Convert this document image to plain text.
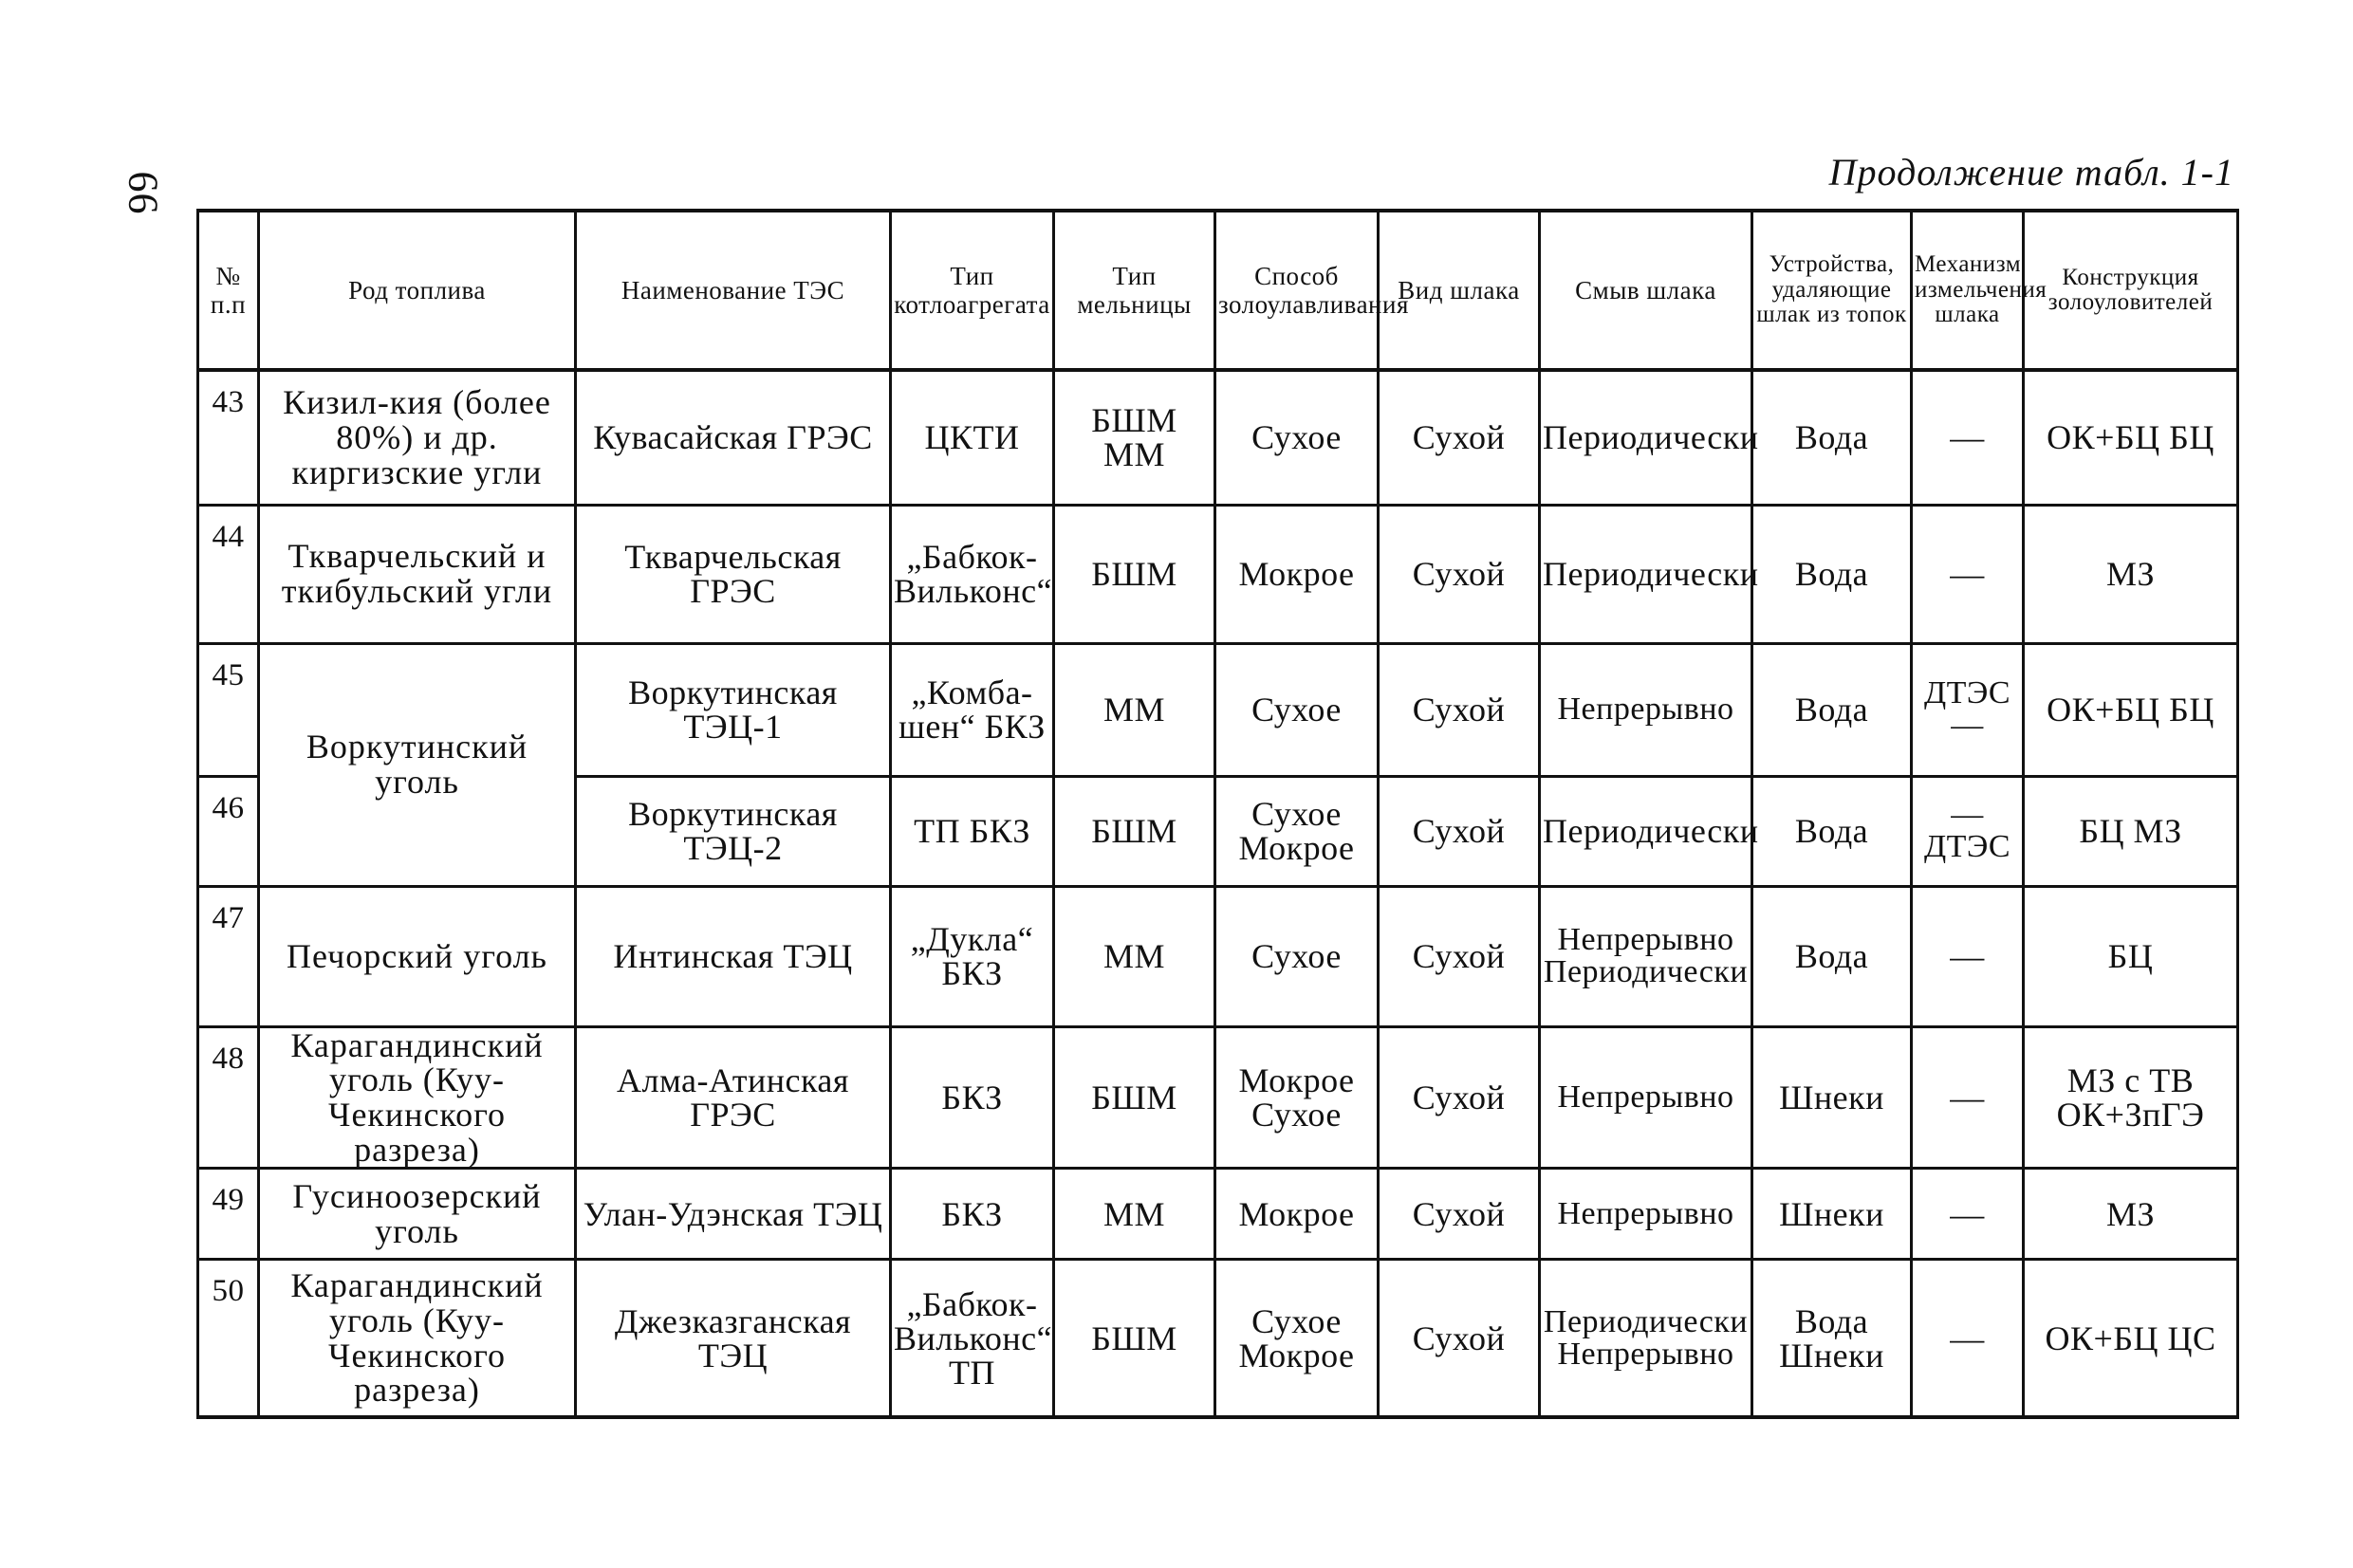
66	Продолжение табл. 1-1
№ п.п	Род топлива	Наименование ТЭС	Тип котлоагрегата	Тип мельницы	Способ золоулавливания	Вид шлака	Смыв шлака	Устройства, удаляющие шлак из топок	Механизм измельчения шлака	Конструкция золоуловителей
43	Кизил-кия (более 80%) и др. киргизские угли	Кувасайская ГРЭС	ЦКТИ	БШМ ММ	Сухое	Сухой	Периодически	Вода	—	ОК+БЦ БЦ
44	Ткварчельский и ткибульский угли	Ткварчельская ГРЭС	„Бабкок-Вильконс“	БШМ	Мокрое	Сухой	Периодически	Вода	—	МЗ
45	Воркутинский уголь	Воркутинская ТЭЦ-1	„Комба-шен“ БКЗ	ММ	Сухое	Сухой	Непрерывно	Вода	ДТЭС —	ОК+БЦ БЦ
46		Воркутинская ТЭЦ-2	ТП БКЗ	БШМ	Сухое Мокрое	Сухой	Периодически	Вода	— ДТЭС	БЦ МЗ
47	Печорский уголь	Интинская ТЭЦ	„Дукла“ БКЗ	ММ	Сухое	Сухой	Непрерывно Периодически	Вода	—	БЦ
48	Карагандинский уголь (Куу-Чекинского разреза)	Алма-Атинская ГРЭС	БКЗ	БШМ	Мокрое Сухое	Сухой	Непрерывно	Шнеки	—	МЗ с ТВ ОК+ЗпГЭ
49	Гусиноозерский уголь	Улан-Удэнская ТЭЦ	БКЗ	ММ	Мокрое	Сухой	Непрерывно	Шнеки	—	МЗ
50	Карагандинский уголь (Куу-Чекинского разреза)	Джезказганская ТЭЦ	„Бабкок-Вильконс“ ТП	БШМ	Сухое Мокрое	Сухой	Периодически Непрерывно	Вода Шнеки	—	ОК+БЦ ЦС
